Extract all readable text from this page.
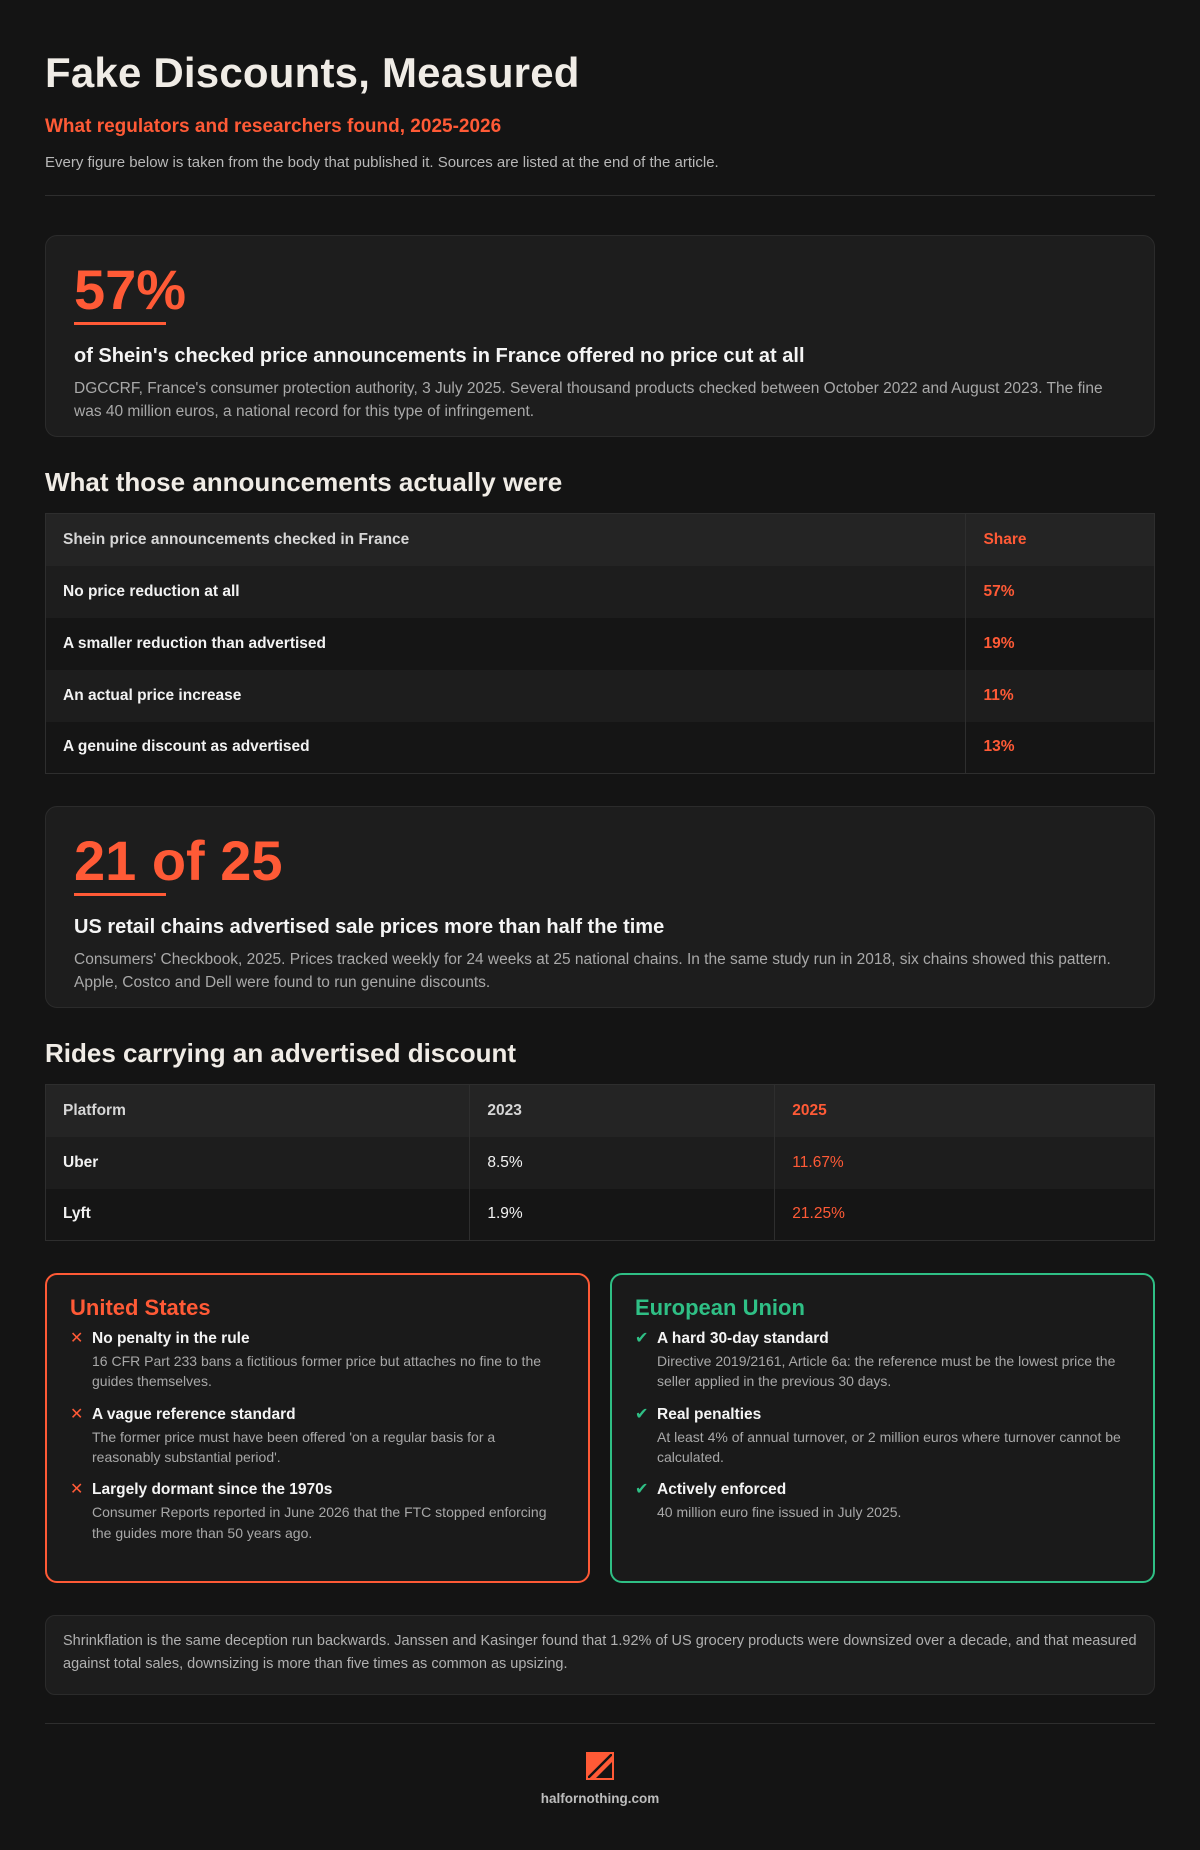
Fake Discounts, Measured
What regulators and researchers found, 2025-2026
Every figure below is taken from the body that published it. Sources are listed at the end of the article.
57%
of Shein's checked price announcements in France offered no price cut at all
DGCCRF, France's consumer protection authority, 3 July 2025. Several thousand products checked between October 2022 and August 2023. The fine was 40 million euros, a national record for this type of infringement.
What those announcements actually were
Shein price announcements checked in France	Share
No price reduction at all	57%
A smaller reduction than advertised	19%
An actual price increase	11%
A genuine discount as advertised	13%
21 of 25
US retail chains advertised sale prices more than half the time
Consumers' Checkbook, 2025. Prices tracked weekly for 24 weeks at 25 national chains. In the same study run in 2018, six chains showed this pattern. Apple, Costco and Dell were found to run genuine discounts.
Rides carrying an advertised discount
Platform	2023	2025
Uber	8.5%	11.67%
Lyft	1.9%	21.25%
United States
✕ No penalty in the rule
16 CFR Part 233 bans a fictitious former price but attaches no fine to the guides themselves.
✕ A vague reference standard
The former price must have been offered 'on a regular basis for a reasonably substantial period'.
✕ Largely dormant since the 1970s
Consumer Reports reported in June 2026 that the FTC stopped enforcing the guides more than 50 years ago.
European Union
✔ A hard 30-day standard
Directive 2019/2161, Article 6a: the reference must be the lowest price the seller applied in the previous 30 days.
✔ Real penalties
At least 4% of annual turnover, or 2 million euros where turnover cannot be calculated.
✔ Actively enforced
40 million euro fine issued in July 2025.
Shrinkflation is the same deception run backwards. Janssen and Kasinger found that 1.92% of US grocery products were downsized over a decade, and that measured against total sales, downsizing is more than five times as common as upsizing.
halfornothing.com
